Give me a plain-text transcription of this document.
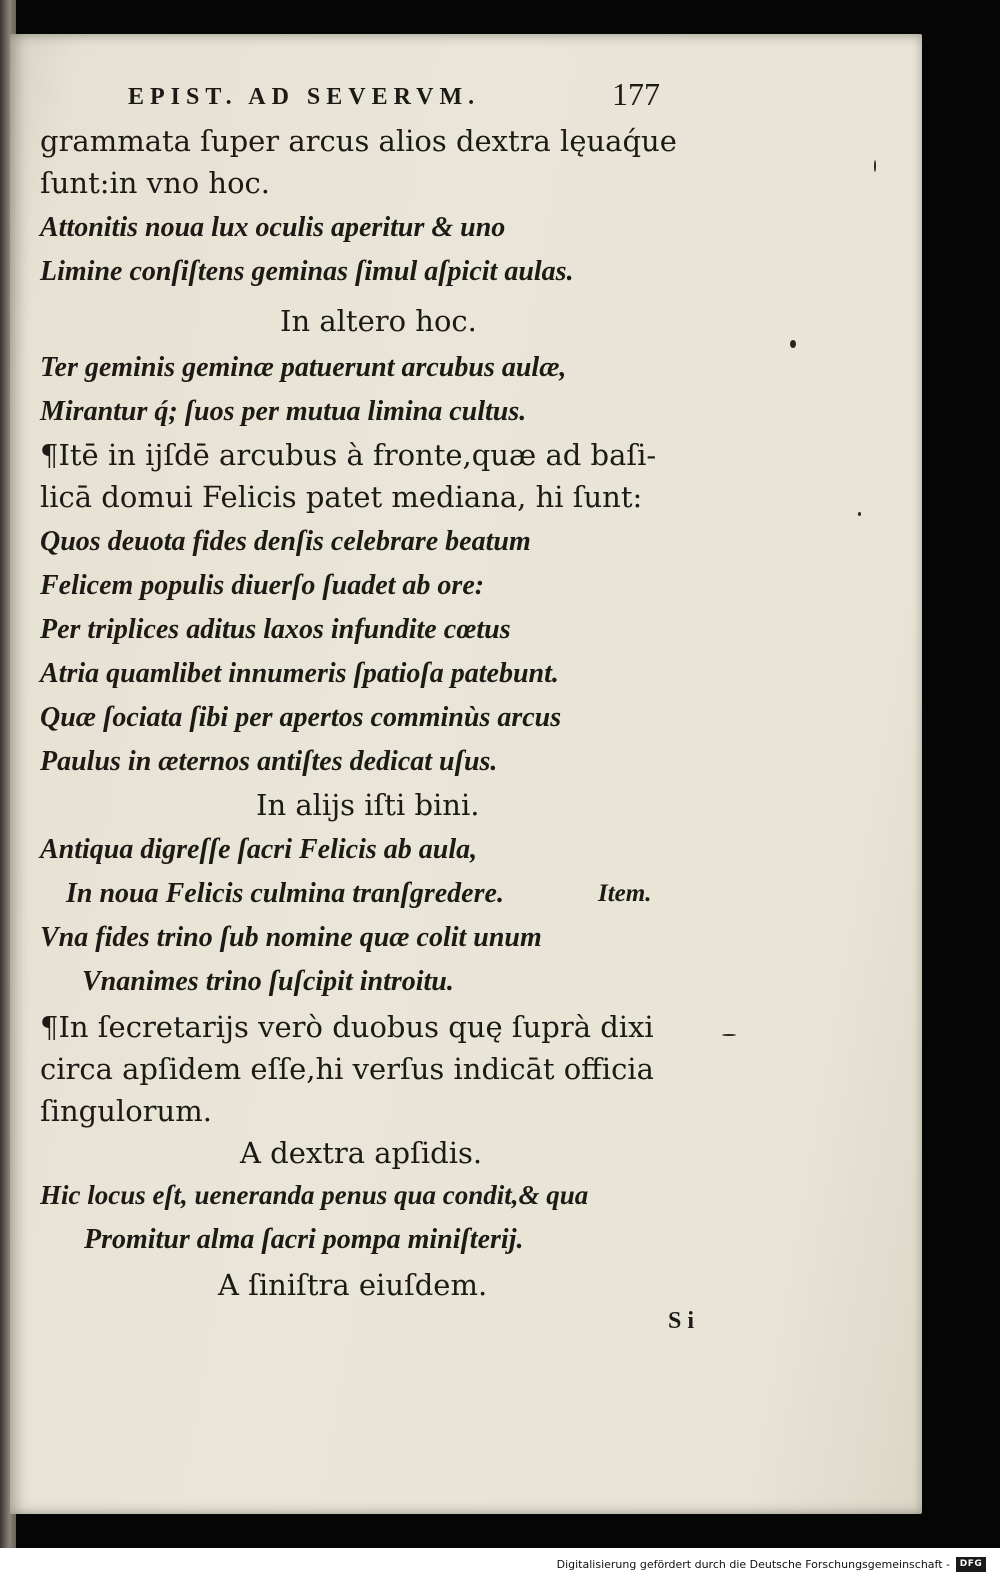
EPIST. AD SEVERVM.	177
grammata ſuper arcus alios dextra lęuaq́ue
ſunt:in vno hoc.
Attonitis noua lux oculis aperitur & uno
Limine conſiſtens geminas ſimul aſpicit aulas.
In altero hoc.
Ter geminis geminæ patuerunt arcubus aulæ,
Mirantur q́; ſuos per mutua limina cultus.
¶Itē in ijſdē arcubus à fronte,quæ ad baſi-
licā domui Felicis patet mediana, hi ſunt:
Quos deuota fides denſis celebrare beatum
Felicem populis diuerſo ſuadet ab ore:
Per triplices aditus laxos infundite cœtus
Atria quamlibet innumeris ſpatioſa patebunt.
Quæ ſociata ſibi per apertos comminùs arcus
Paulus in æternos antiſtes dedicat uſus.
In alijs iſti bini.
Antiqua digreſſe ſacri Felicis ab aula,
In noua Felicis culmina tranſgredere.	Item.
Vna fides trino ſub nomine quæ colit unum
Vnanimes trino ſuſcipit introitu.
¶In ſecretarijs verò duobus quę ſuprà dixi
circa apſidem eſſe,hi verſus indicāt officia
ſingulorum.
A dextra apſidis.
Hic locus eſt, ueneranda penus qua condit,& qua
Promitur alma ſacri pompa miniſterij.
A ſiniſtra eiuſdem.
S i
Digitalisierung gefördert durch die Deutsche Forschungsgemeinschaft -	DFG
